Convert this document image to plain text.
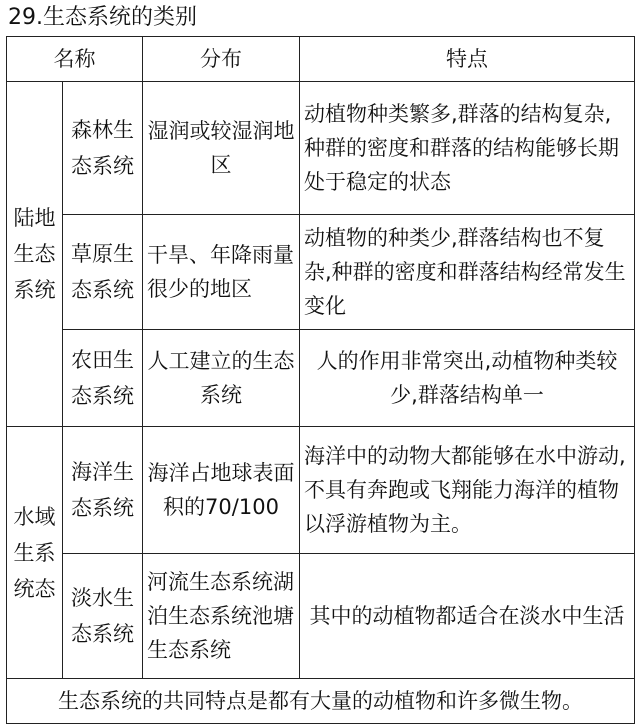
29.生态系统的类别
名称		分布	特点
陆地生态系统	森林生态系统	湿润或较湿润地区	动植物种类繁多,群落的结构复杂,种群的密度和群落的结构能够长期处于稳定的状态
	草原生态系统	干旱、年降雨量很少的地区	动植物的种类少,群落结构也不复杂,种群的密度和群落结构经常发生变化
	农田生态系统	人工建立的生态系统	人的作用非常突出,动植物种类较少,群落结构单一
水域生系统态	海洋生态系统	海洋占地球表面积的70/100	海洋中的动物大都能够在水中游动,不具有奔跑或飞翔能力海洋的植物以浮游植物为主。
	淡水生态系统	河流生态系统湖泊生态系统池塘生态系统	其中的动植物都适合在淡水中生活
生态系统的共同特点是都有大量的动植物和许多微生物。			
